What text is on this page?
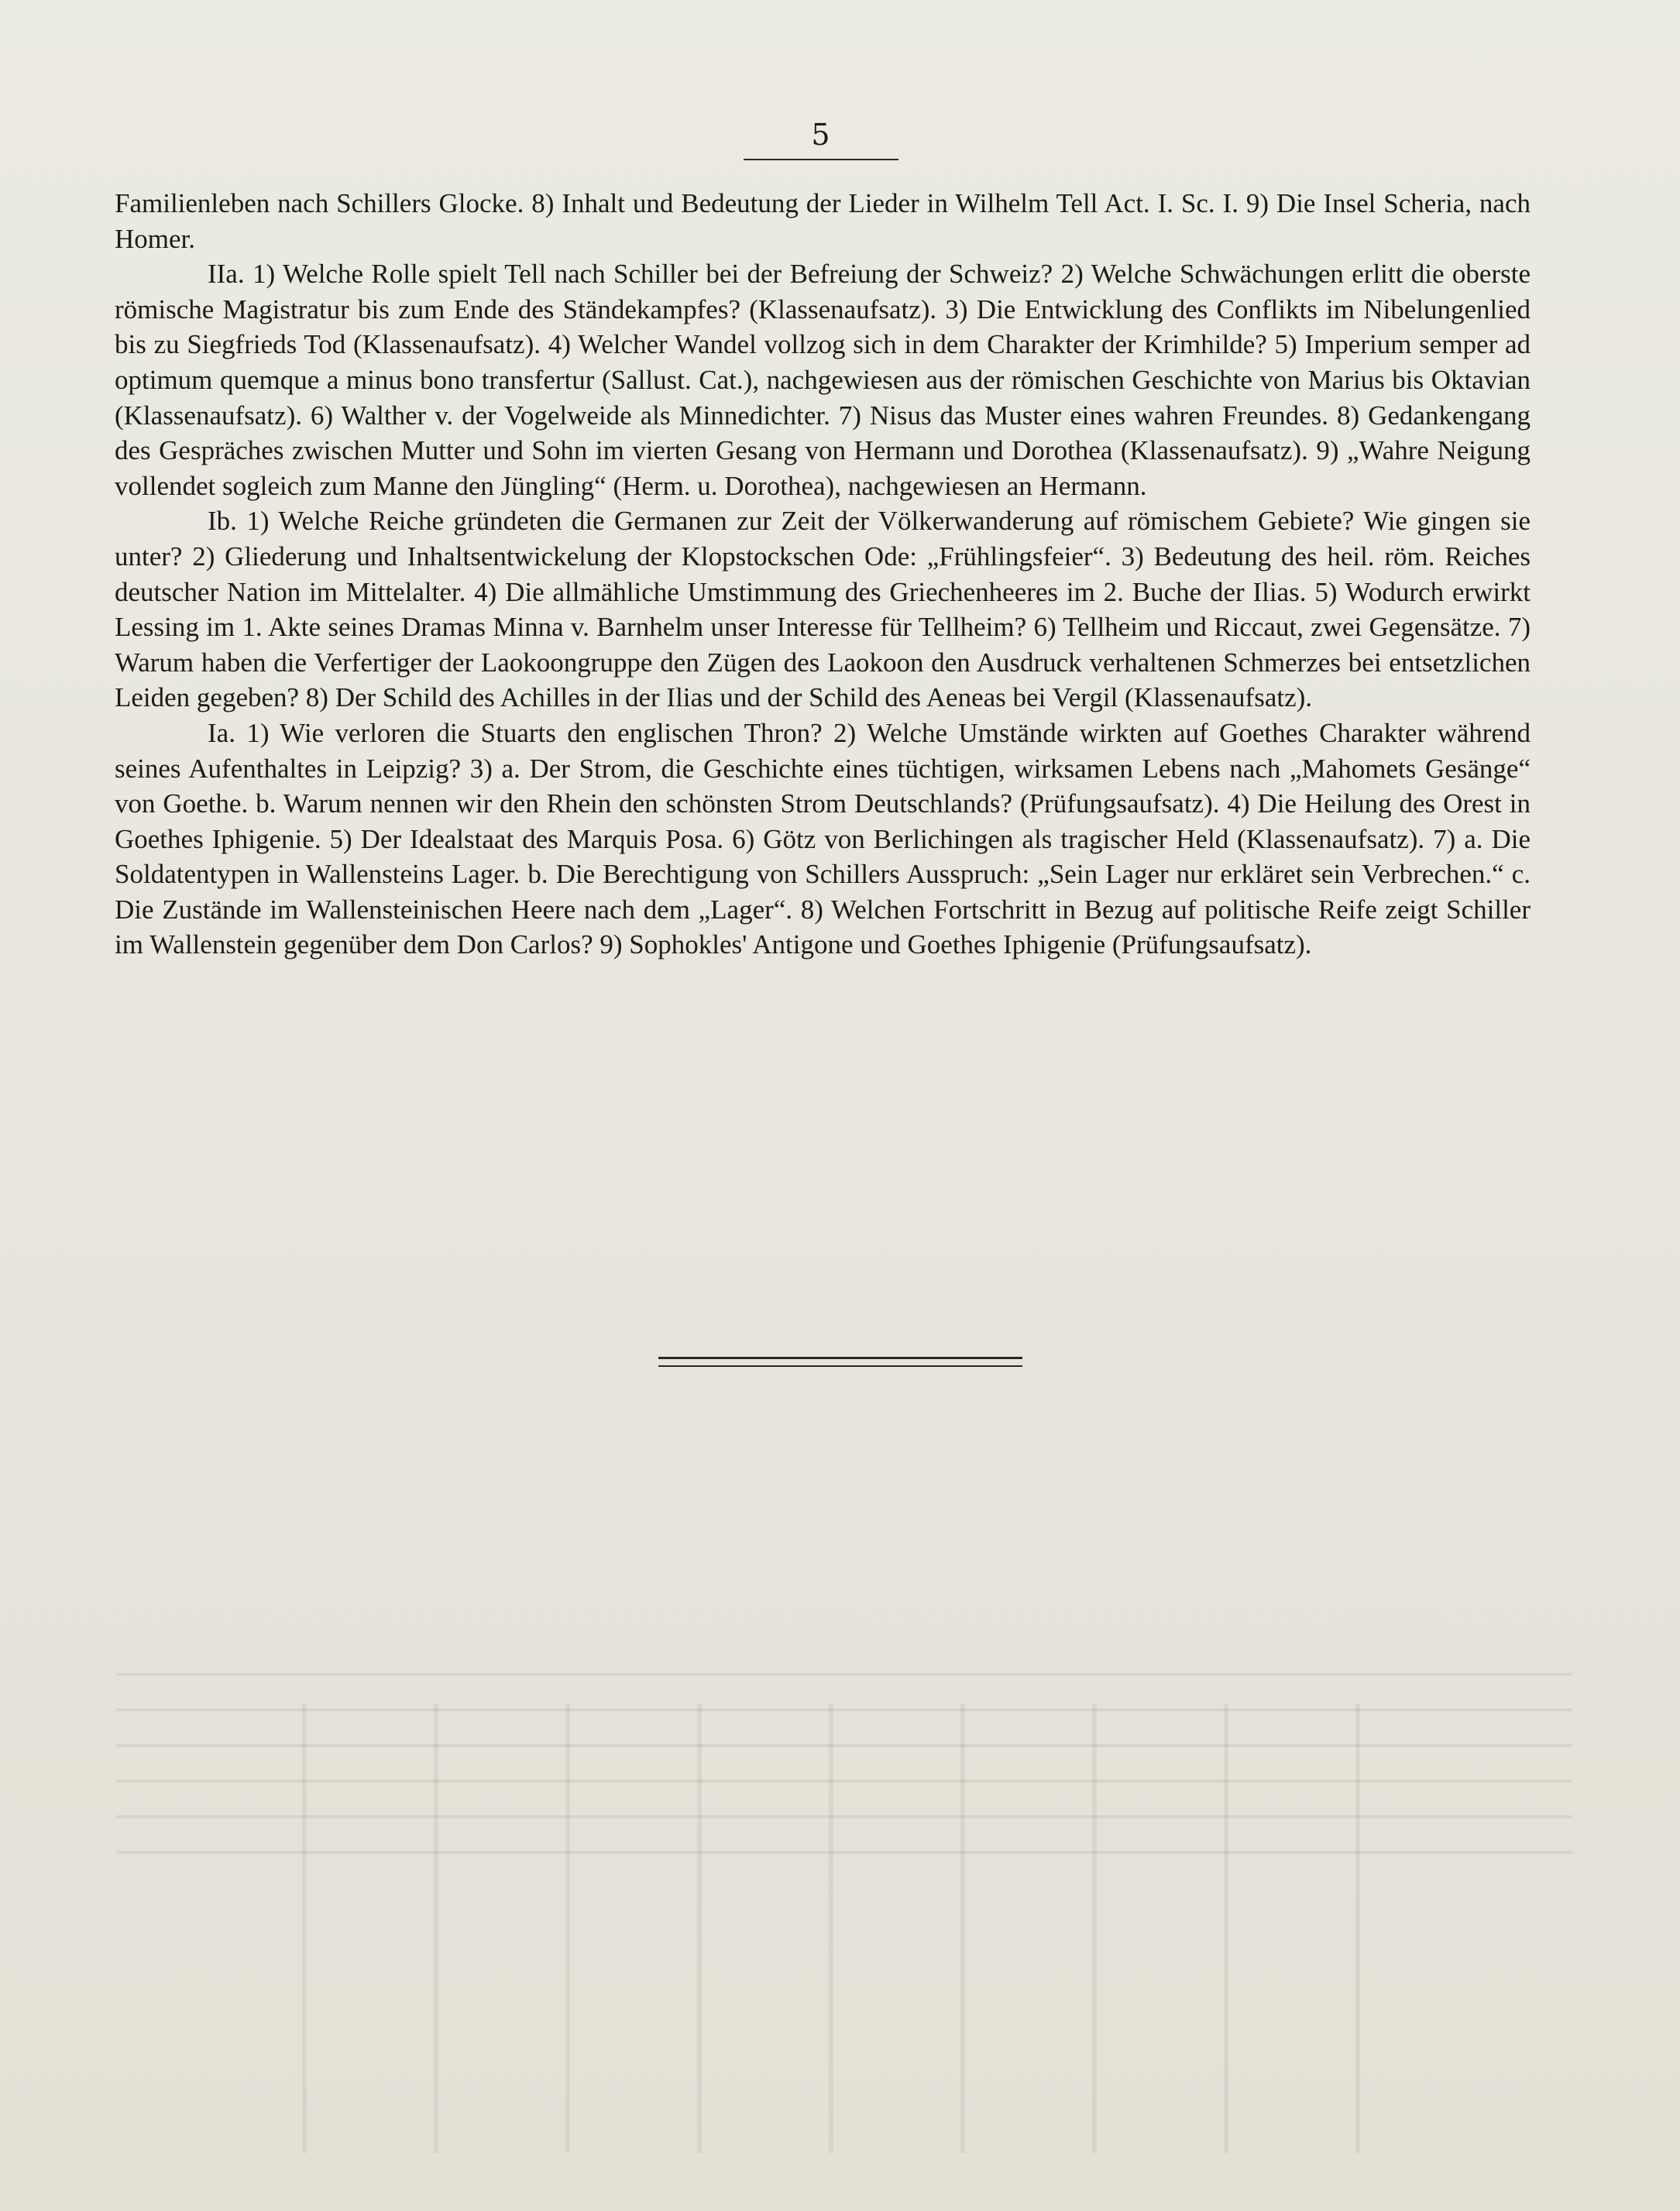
5

Familienleben nach Schillers Glocke. 8) Inhalt und Bedeutung der Lieder in Wilhelm Tell Act. I. Sc. I. 9) Die Insel Scheria, nach Homer.

IIa. 1) Welche Rolle spielt Tell nach Schiller bei der Befreiung der Schweiz? 2) Welche Schwächungen erlitt die oberste römische Magistratur bis zum Ende des Ständekampfes? (Klassenaufsatz). 3) Die Entwicklung des Conflikts im Nibelungenlied bis zu Siegfrieds Tod (Klassenaufsatz). 4) Welcher Wandel vollzog sich in dem Charakter der Krimhilde? 5) Imperium semper ad optimum quemque a minus bono transfertur (Sallust. Cat.), nachgewiesen aus der römischen Geschichte von Marius bis Oktavian (Klassenaufsatz). 6) Walther v. der Vogelweide als Minnedichter. 7) Nisus das Muster eines wahren Freundes. 8) Gedankengang des Gespräches zwischen Mutter und Sohn im vierten Gesang von Hermann und Dorothea (Klassenaufsatz). 9) „Wahre Neigung vollendet sogleich zum Manne den Jüngling“ (Herm. u. Dorothea), nachgewiesen an Hermann.

Ib. 1) Welche Reiche gründeten die Germanen zur Zeit der Völkerwanderung auf römischem Gebiete? Wie gingen sie unter? 2) Gliederung und Inhaltsentwickelung der Klopstockschen Ode: „Frühlingsfeier“. 3) Bedeutung des heil. röm. Reiches deutscher Nation im Mittelalter. 4) Die allmähliche Umstimmung des Griechenheeres im 2. Buche der Ilias. 5) Wodurch erwirkt Lessing im 1. Akte seines Dramas Minna v. Barnhelm unser Interesse für Tellheim? 6) Tellheim und Riccaut, zwei Gegensätze. 7) Warum haben die Verfertiger der Laokoongruppe den Zügen des Laokoon den Ausdruck verhaltenen Schmerzes bei entsetzlichen Leiden gegeben? 8) Der Schild des Achilles in der Ilias und der Schild des Aeneas bei Vergil (Klassenaufsatz).

Ia. 1) Wie verloren die Stuarts den englischen Thron? 2) Welche Umstände wirkten auf Goethes Charakter während seines Aufenthaltes in Leipzig? 3) a. Der Strom, die Geschichte eines tüchtigen, wirksamen Lebens nach „Mahomets Gesänge“ von Goethe. b. Warum nennen wir den Rhein den schönsten Strom Deutschlands? (Prüfungsaufsatz). 4) Die Heilung des Orest in Goethes Iphigenie. 5) Der Idealstaat des Marquis Posa. 6) Götz von Berlichingen als tragischer Held (Klassenaufsatz). 7) a. Die Soldatentypen in Wallensteins Lager. b. Die Berechtigung von Schillers Ausspruch: „Sein Lager nur erkläret sein Verbrechen.“ c. Die Zustände im Wallensteinischen Heere nach dem „Lager“. 8) Welchen Fortschritt in Bezug auf politische Reife zeigt Schiller im Wallenstein gegenüber dem Don Carlos? 9) Sophokles' Antigone und Goethes Iphigenie (Prüfungsaufsatz).
